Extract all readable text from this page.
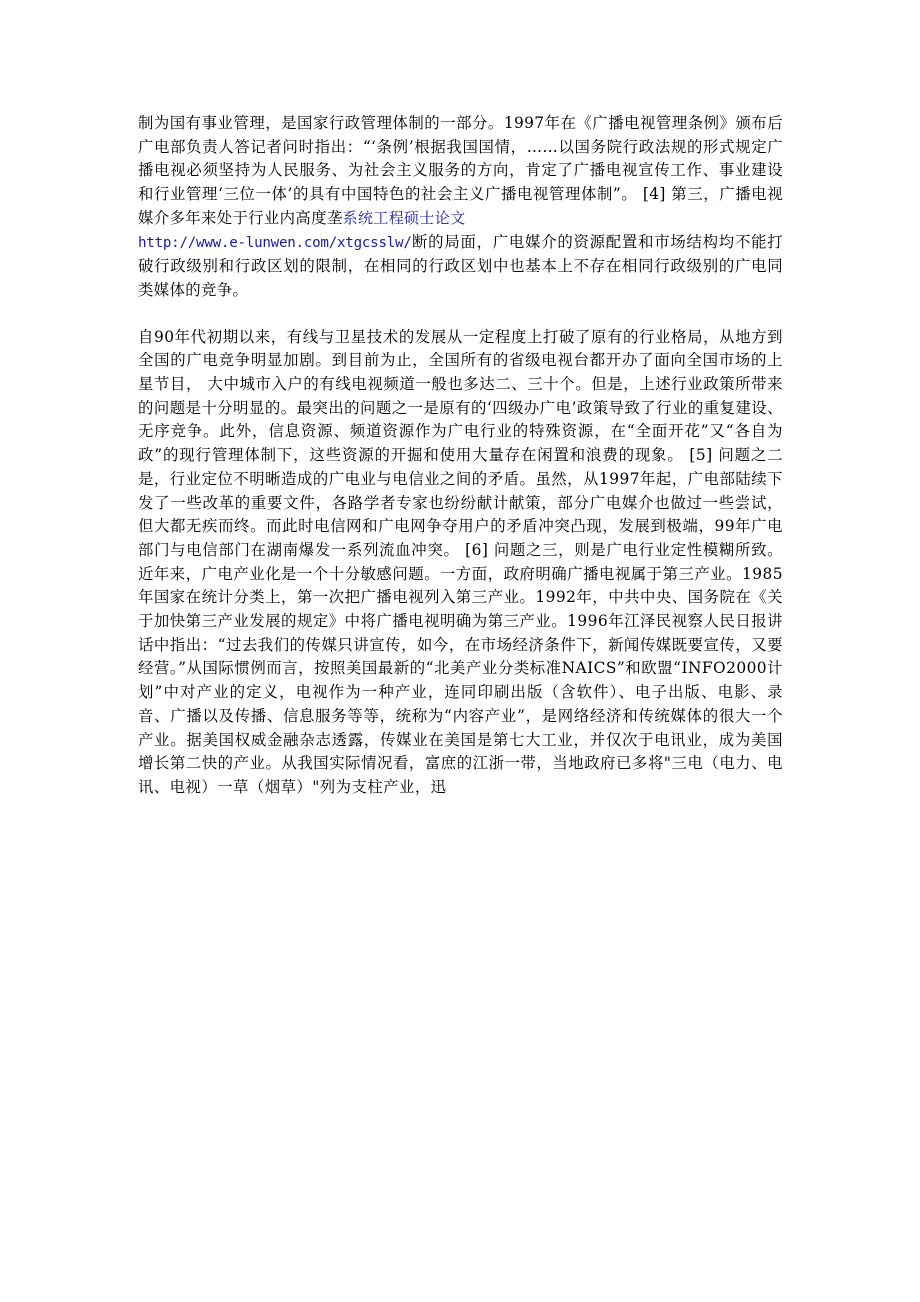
制为国有事业管理，是国家行政管理体制的一部分。1997年在《广播电视管理条例》颁布后广电部负责人答记者问时指出：“‘条例’根据我国国情，……以国务院行政法规的形式规定广播电视必须坚持为人民服务、为社会主义服务的方向，肯定了广播电视宣传工作、事业建设和行业管理‘三位一体’的具有中国特色的社会主义广播电视管理体制”。 [4] 第三，广播电视媒介多年来处于行业内高度垄系统工程硕士论文
http://www.e-lunwen.com/xtgcsslw/断的局面，广电媒介的资源配置和市场结构均不能打破行政级别和行政区划的限制，在相同的行政区划中也基本上不存在相同行政级别的广电同类媒体的竞争。

自90年代初期以来，有线与卫星技术的发展从一定程度上打破了原有的行业格局，从地方到全国的广电竞争明显加剧。到目前为止，全国所有的省级电视台都开办了面向全国市场的上星节目， 大中城市入户的有线电视频道一般也多达二、三十个。但是，上述行业政策所带来的问题是十分明显的。最突出的问题之一是原有的‘四级办广电’政策导致了行业的重复建设、无序竞争。此外，信息资源、频道资源作为广电行业的特殊资源，在“全面开花”又“各自为政”的现行管理体制下，这些资源的开掘和使用大量存在闲置和浪费的现象。 [5] 问题之二是，行业定位不明晰造成的广电业与电信业之间的矛盾。虽然，从1997年起，广电部陆续下发了一些改革的重要文件，各路学者专家也纷纷献计献策，部分广电媒介也做过一些尝试，但大都无疾而终。而此时电信网和广电网争夺用户的矛盾冲突凸现，发展到极端，99年广电部门与电信部门在湖南爆发一系列流血冲突。 [6] 问题之三，则是广电行业定性模糊所致。近年来，广电产业化是一个十分敏感问题。一方面，政府明确广播电视属于第三产业。1985年国家在统计分类上，第一次把广播电视列入第三产业。1992年，中共中央、国务院在《关于加快第三产业发展的规定》中将广播电视明确为第三产业。1996年江泽民视察人民日报讲话中指出：“过去我们的传媒只讲宣传，如今，在市场经济条件下，新闻传媒既要宣传，又要经营。”从国际惯例而言，按照美国最新的“北美产业分类标准NAICS”和欧盟“INFO2000计划”中对产业的定义，电视作为一种产业，连同印刷出版（含软件）、电子出版、电影、录音、广播以及传播、信息服务等等，统称为“内容产业”，是网络经济和传统媒体的很大一个产业。据美国权威金融杂志透露，传媒业在美国是第七大工业，并仅次于电讯业，成为美国增长第二快的产业。从我国实际情况看，富庶的江浙一带，当地政府已多将"三电（电力、电讯、电视）一草（烟草）"列为支柱产业，迅
